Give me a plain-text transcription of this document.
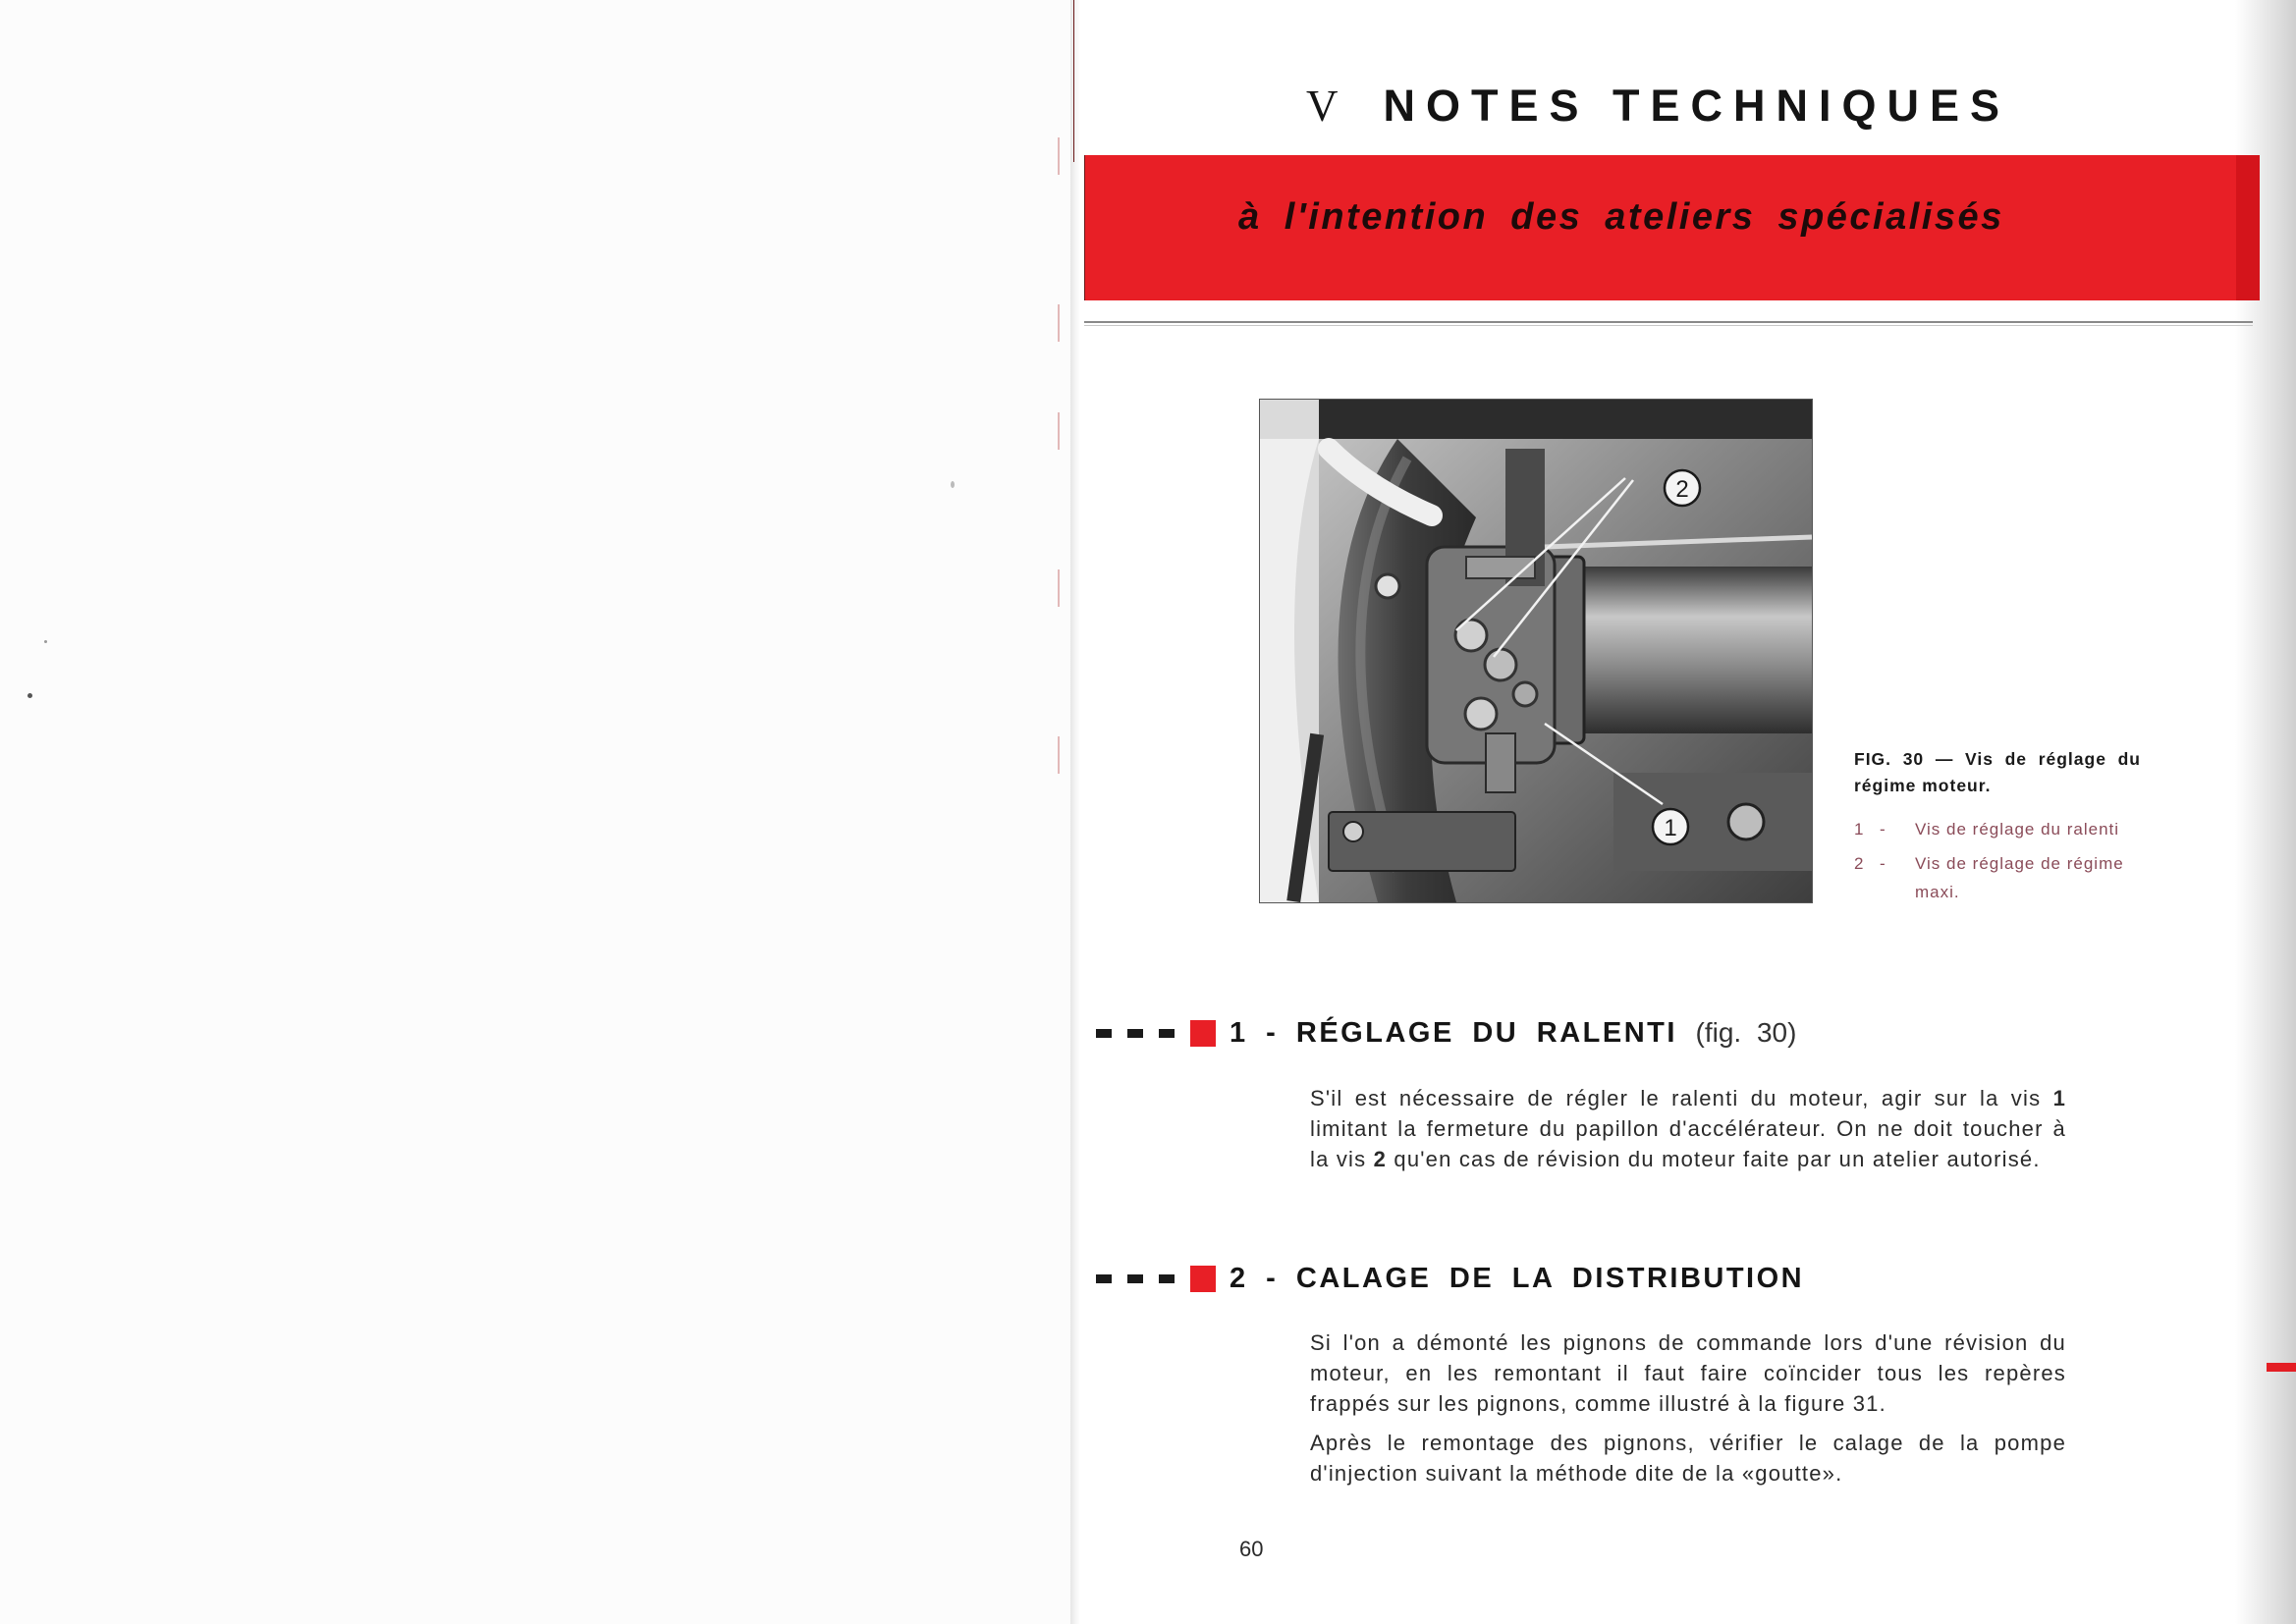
V NOTES TECHNIQUES
à l'intention des ateliers spécialisés
2
1

FIG. 30 — Vis de réglage du régime moteur.

1 -	Vis de réglage du ralenti
2 -	Vis de réglage de régime maxi.
1 - RÉGLAGE DU RALENTI (fig. 30)

S'il est nécessaire de régler le ralenti du moteur, agir sur la vis 1 limitant la fermeture du papillon d'accélérateur. On ne doit toucher à la vis 2 qu'en cas de révision du moteur faite par un atelier autorisé.

2 - CALAGE DE LA DISTRIBUTION

Si l'on a démonté les pignons de commande lors d'une révision du moteur, en les remontant il faut faire coïncider tous les repères frappés sur les pignons, comme illustré à la figure 31.

Après le remontage des pignons, vérifier le calage de la pompe d'injection suivant la méthode dite de la «goutte».

60
